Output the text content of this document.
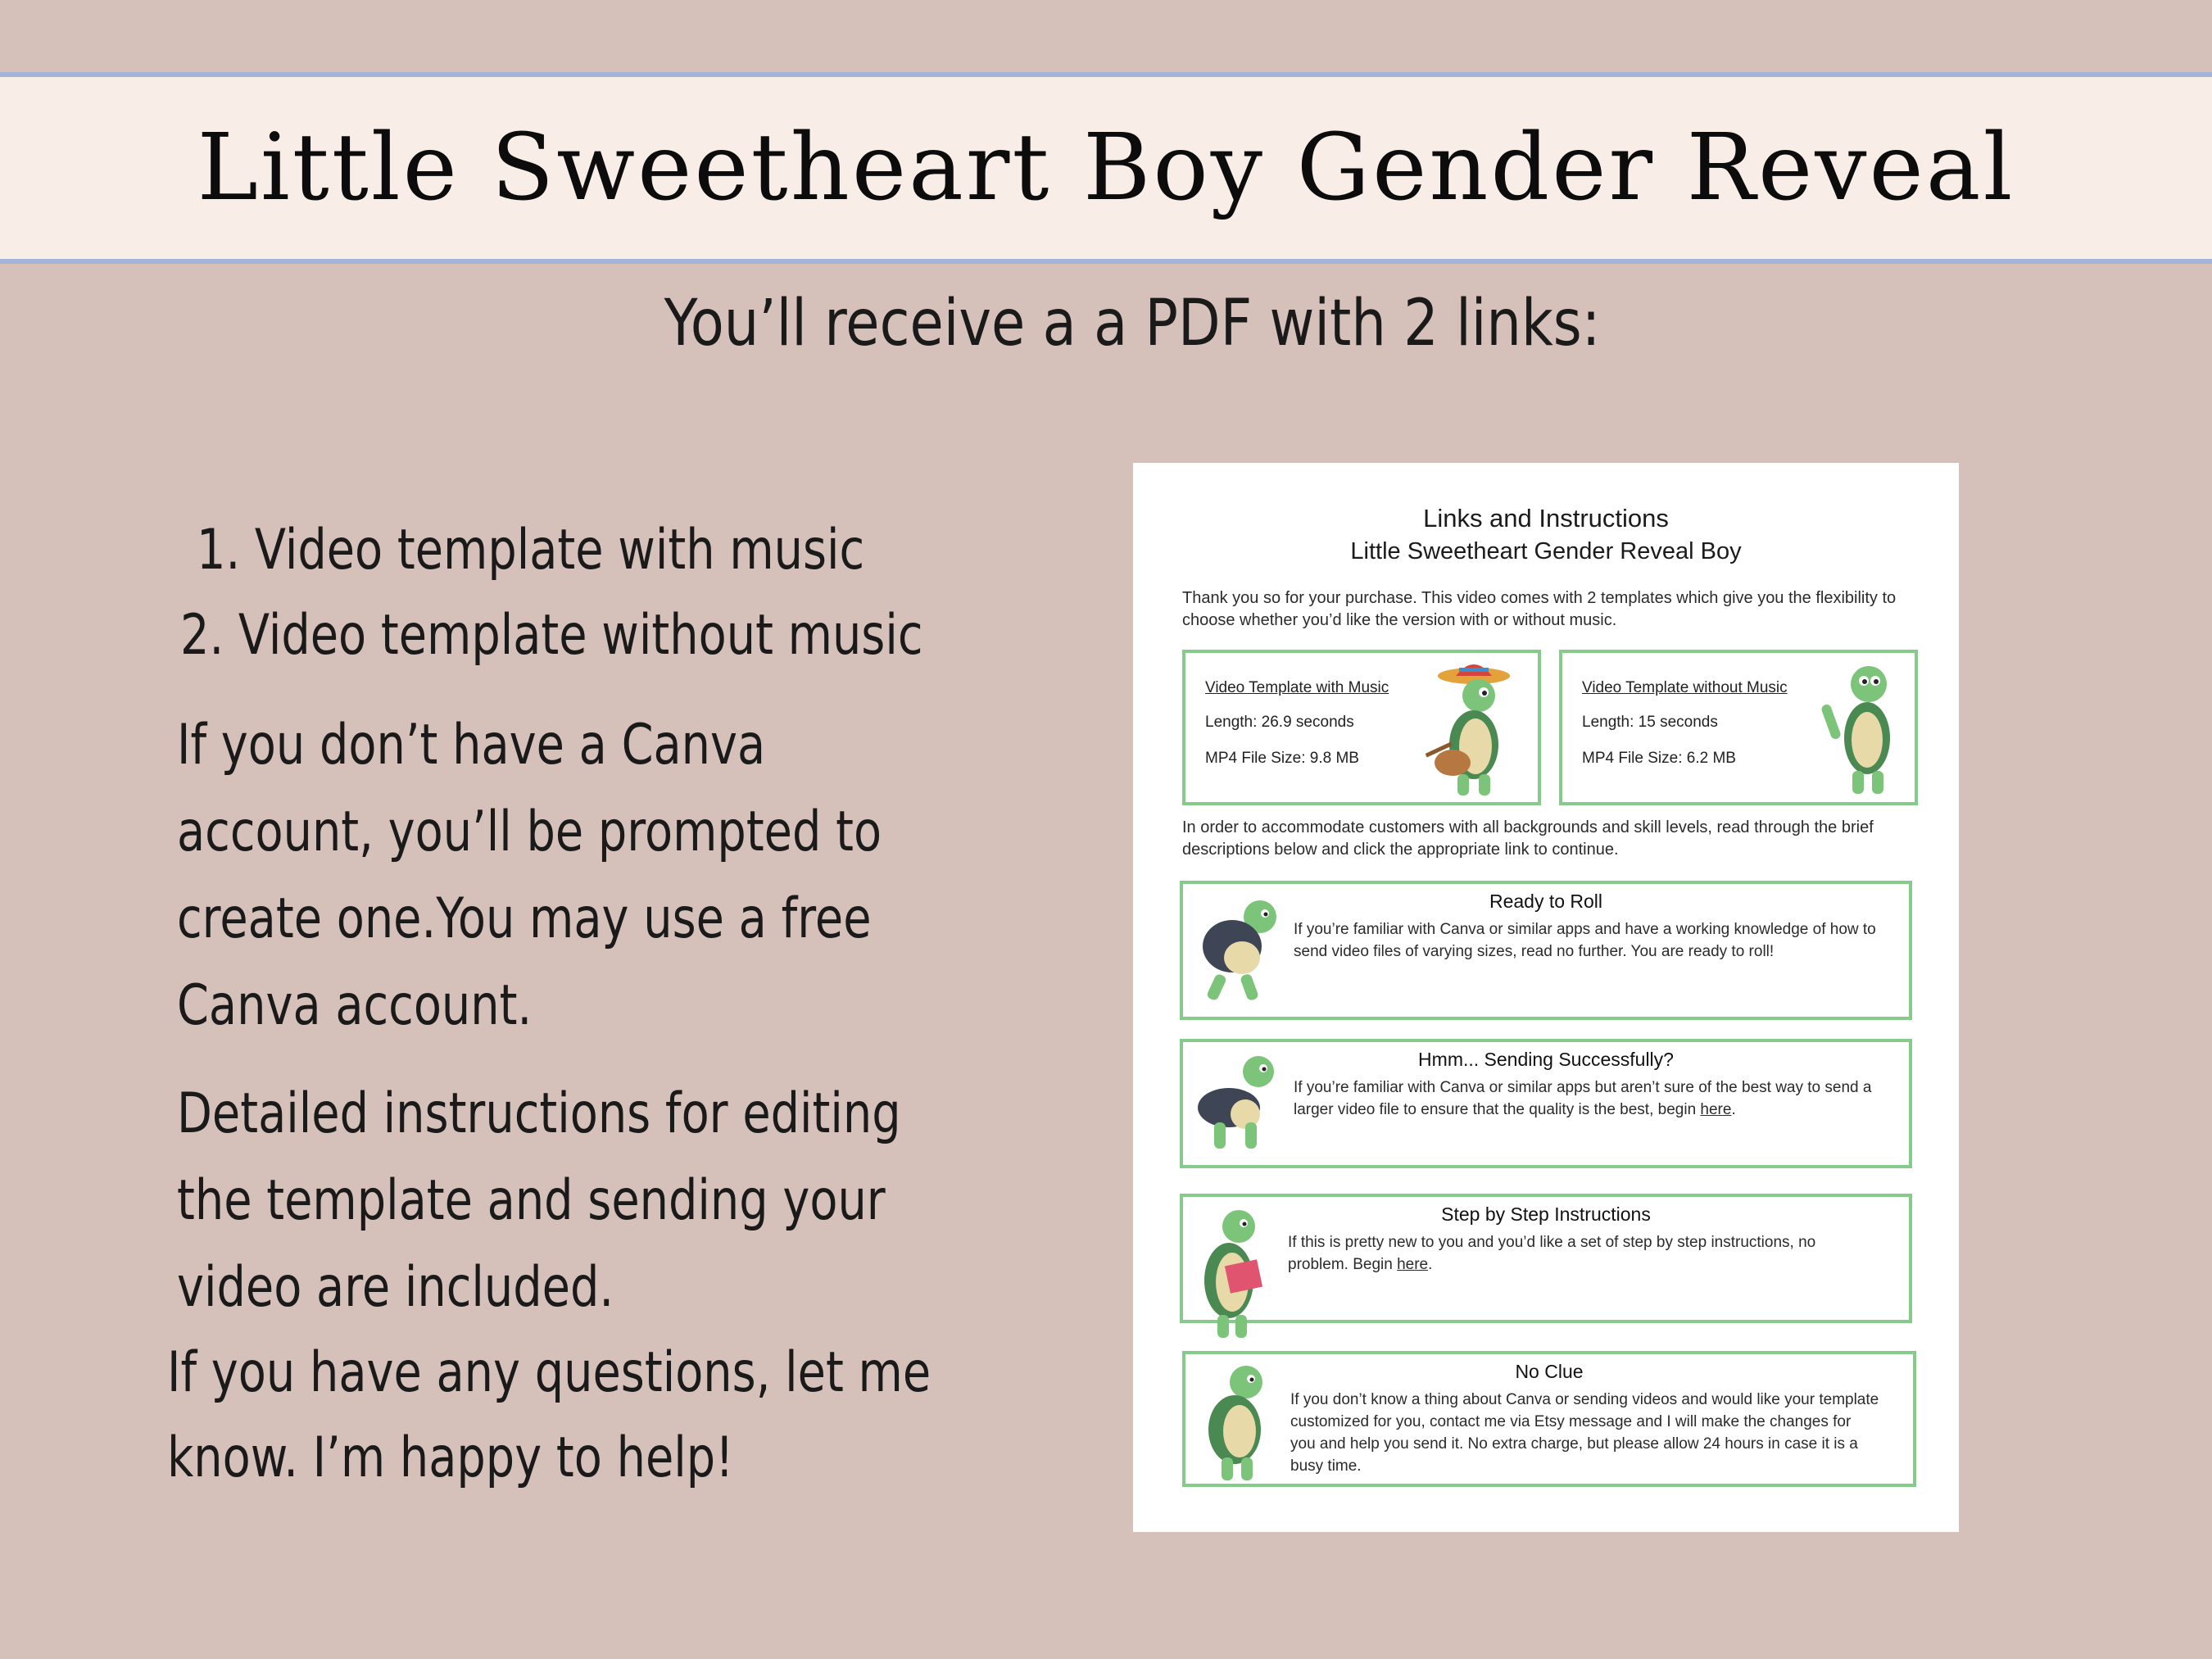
Little Sweetheart Boy Gender Reveal
You’ll receive a a PDF with 2 links:
1. Video template with music
2. Video template without music
If you don’t have a Canva
account, you’ll be prompted to
create one.You may use a free
Canva account.
Detailed instructions for editing
the template and sending your
video are included.
If you have any questions, let me
know. I’m happy to help!
Links and Instructions
Little Sweetheart Gender Reveal Boy
Thank you so for your purchase. This video comes with 2 templates which give you the flexibility to choose whether you’d like the version with or without music.
Video Template with Music
Length: 26.9 seconds
MP4 File Size: 9.8 MB
Video Template without Music
Length: 15 seconds
MP4 File Size: 6.2 MB
In order to accommodate customers with all backgrounds and skill levels, read through the brief descriptions below and click the appropriate link to continue.
Ready to Roll
If you’re familiar with Canva or similar apps and have a working knowledge of how to send video files of varying sizes, read no further. You are ready to roll!
Hmm... Sending Successfully?
If you’re familiar with Canva or similar apps but aren’t sure of the best way to send a larger video file to ensure that the quality is the best, begin here.
Step by Step Instructions
If this is pretty new to you and you’d like a set of step by step instructions, no problem. Begin here.
No Clue
If you don’t know a thing about Canva or sending videos and would like your template customized for you, contact me via Etsy message and I will make the changes for you and help you send it. No extra charge, but please allow 24 hours in case it is a busy time.
